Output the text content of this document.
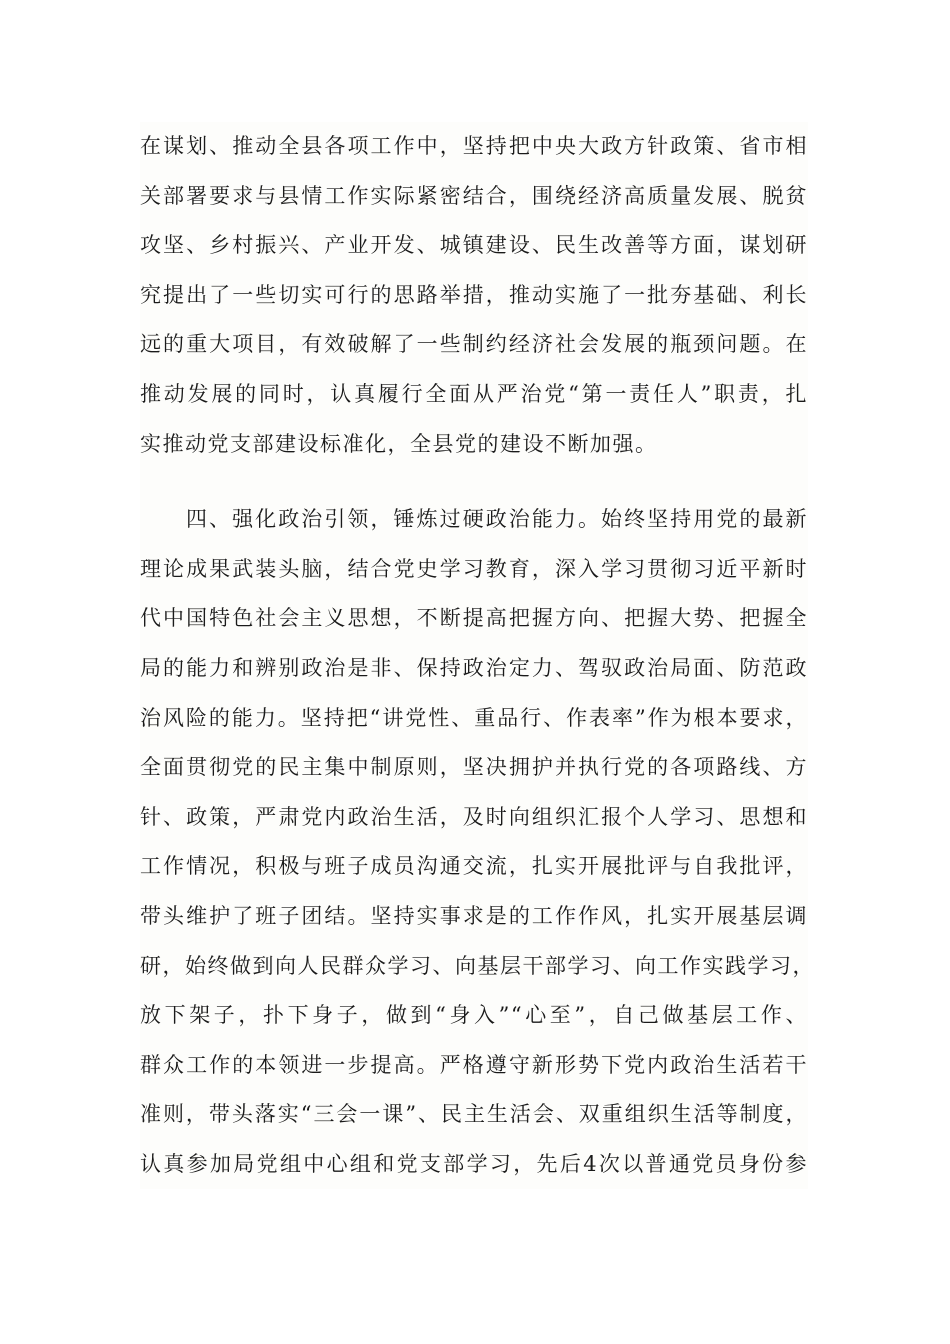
在谋划、推动全县各项工作中，坚持把中央大政方针政策、省市相
关部署要求与县情工作实际紧密结合，围绕经济高质量发展、脱贫
攻坚、乡村振兴、产业开发、城镇建设、民生改善等方面，谋划研
究提出了一些切实可行的思路举措，推动实施了一批夯基础、利长
远的重大项目，有效破解了一些制约经济社会发展的瓶颈问题。在
推动发展的同时，认真履行全面从严治党“第一责任人”职责，扎
实推动党支部建设标准化，全县党的建设不断加强。
四、强化政治引领，锤炼过硬政治能力。始终坚持用党的最新
理论成果武装头脑，结合党史学习教育，深入学习贯彻习近平新时
代中国特色社会主义思想，不断提高把握方向、把握大势、把握全
局的能力和辨别政治是非、保持政治定力、驾驭政治局面、防范政
治风险的能力。坚持把“讲党性、重品行、作表率”作为根本要求，
全面贯彻党的民主集中制原则，坚决拥护并执行党的各项路线、方
针、政策，严肃党内政治生活，及时向组织汇报个人学习、思想和
工作情况，积极与班子成员沟通交流，扎实开展批评与自我批评，
带头维护了班子团结。坚持实事求是的工作作风，扎实开展基层调
研，始终做到向人民群众学习、向基层干部学习、向工作实践学习，
放下架子，扑下身子，做到“身入”“心至”，自己做基层工作、
群众工作的本领进一步提高。严格遵守新形势下党内政治生活若干
准则，带头落实“三会一课”、民主生活会、双重组织生活等制度，
认真参加局党组中心组和党支部学习，先后4次以普通党员身份参
